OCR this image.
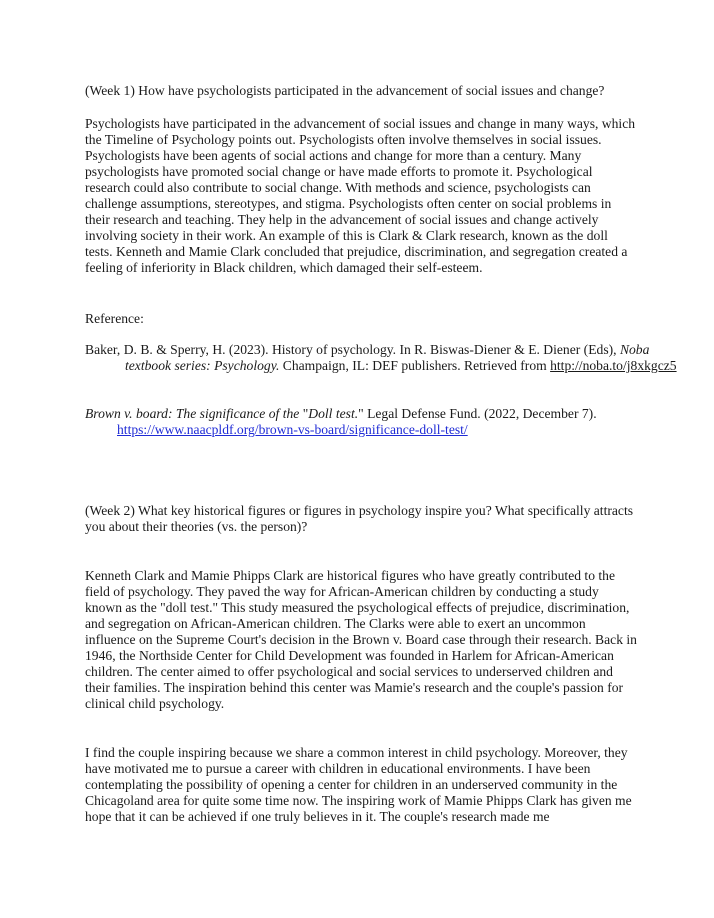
(Week 1) How have psychologists participated in the advancement of social issues and change?

Psychologists have participated in the advancement of social issues and change in many ways, which the Timeline of Psychology points out. Psychologists often involve themselves in social issues. Psychologists have been agents of social actions and change for more than a century. Many psychologists have promoted social change or have made efforts to promote it. Psychological research could also contribute to social change. With methods and science, psychologists can challenge assumptions, stereotypes, and stigma. Psychologists often center on social problems in their research and teaching. They help in the advancement of social issues and change actively involving society in their work. An example of this is Clark & Clark research, known as the doll tests. Kenneth and Mamie Clark concluded that prejudice, discrimination, and segregation created a feeling of inferiority in Black children, which damaged their self-esteem.

Reference:

Baker, D. B. & Sperry, H. (2023). History of psychology. In R. Biswas-Diener & E. Diener (Eds), Noba textbook series: Psychology. Champaign, IL: DEF publishers. Retrieved from http://noba.to/j8xkgcz5

Brown v. board: The significance of the "Doll test." Legal Defense Fund. (2022, December 7). https://www.naacpldf.org/brown-vs-board/significance-doll-test/

(Week 2) What key historical figures or figures in psychology inspire you? What specifically attracts you about their theories (vs. the person)?

Kenneth Clark and Mamie Phipps Clark are historical figures who have greatly contributed to the field of psychology. They paved the way for African-American children by conducting a study known as the "doll test." This study measured the psychological effects of prejudice, discrimination, and segregation on African-American children. The Clarks were able to exert an uncommon influence on the Supreme Court's decision in the Brown v. Board case through their research. Back in 1946, the Northside Center for Child Development was founded in Harlem for African-American children. The center aimed to offer psychological and social services to underserved children and their families. The inspiration behind this center was Mamie's research and the couple's passion for clinical child psychology.

I find the couple inspiring because we share a common interest in child psychology. Moreover, they have motivated me to pursue a career with children in educational environments. I have been contemplating the possibility of opening a center for children in an underserved community in the Chicagoland area for quite some time now. The inspiring work of Mamie Phipps Clark has given me hope that it can be achieved if one truly believes in it. The couple's research made me
